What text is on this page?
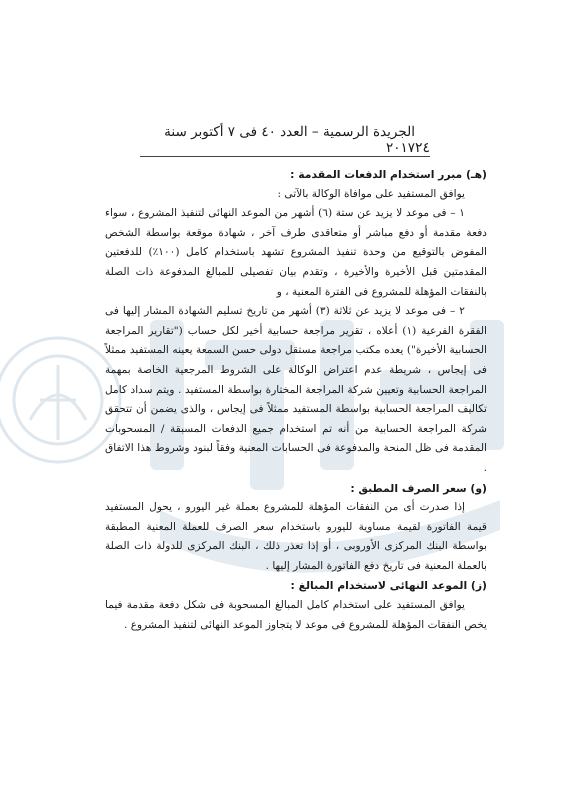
٢٤
الجريدة الرسمية – العدد ٤٠ فى ٧ أكتوبر سنة ٢٠١٧

(هـ) مبرر استخدام الدفعات المقدمة :

يوافق المستفيد على موافاة الوكالة بالآتى :

١ – فى موعد لا يزيد عن ستة (٦) أشهر من الموعد النهائى لتنفيذ المشروع ، سواء دفعة مقدمة أو دفع مباشر أو متعاقدى طرف آخر ، شهادة موقعة بواسطة الشخص المفوض بالتوقيع من وحدة تنفيذ المشروع تشهد باستخدام كامل (١٠٠٪) للدفعتين المقدمتين قبل الأخيرة والأخيرة ، وتقدم بيان تفصيلى للمبالغ المدفوعة ذات الصلة بالنفقات المؤهلة للمشروع فى الفترة المعنية ، و

٢ – فى موعد لا يزيد عن ثلاثة (٣) أشهر من تاريخ تسليم الشهادة المشار إليها فى الفقرة الفرعية (١) أعلاه ، تقرير مراجعة حسابية أخير لكل حساب ("تقارير المراجعة الحسابية الأخيرة") يعده مكتب مراجعة مستقل دولى حسن السمعة يعينه المستفيد ممثلاً فى إيجاس ، شريطة عدم اعتراض الوكالة على الشروط المرجعية الخاصة بمهمة المراجعة الحسابية وتعيين شركة المراجعة المختارة بواسطة المستفيد . ويتم سداد كامل تكاليف المراجعة الحسابية بواسطة المستفيد ممثلاً فى إيجاس ، والذى يضمن أن تتحقق شركة المراجعة الحسابية من أنه تم استخدام جميع الدفعات المسبقة / المسحوبات المقدمة فى ظل المنحة والمدفوعة فى الحسابات المعنية وفقاً لبنود وشروط هذا الاتفاق .

(و) سعر الصرف المطبق :

إذا صدرت أى من النفقات المؤهلة للمشروع بعملة غير اليورو ، يحول المستفيد قيمة الفاتورة لقيمة مساوية لليورو باستخدام سعر الصرف للعملة المعنية المطبقة بواسطة البنك المركزى الأوروبى ، أو إذا تعذر ذلك ، البنك المركزى للدولة ذات الصلة بالعملة المعنية فى تاريخ دفع الفاتورة المشار إليها .

(ز) الموعد النهائى لاستخدام المبالغ :

يوافق المستفيد على استخدام كامل المبالغ المسحوبة فى شكل دفعة مقدمة فيما يخص النفقات المؤهلة للمشروع فى موعد لا يتجاوز الموعد النهائى لتنفيذ المشروع .
